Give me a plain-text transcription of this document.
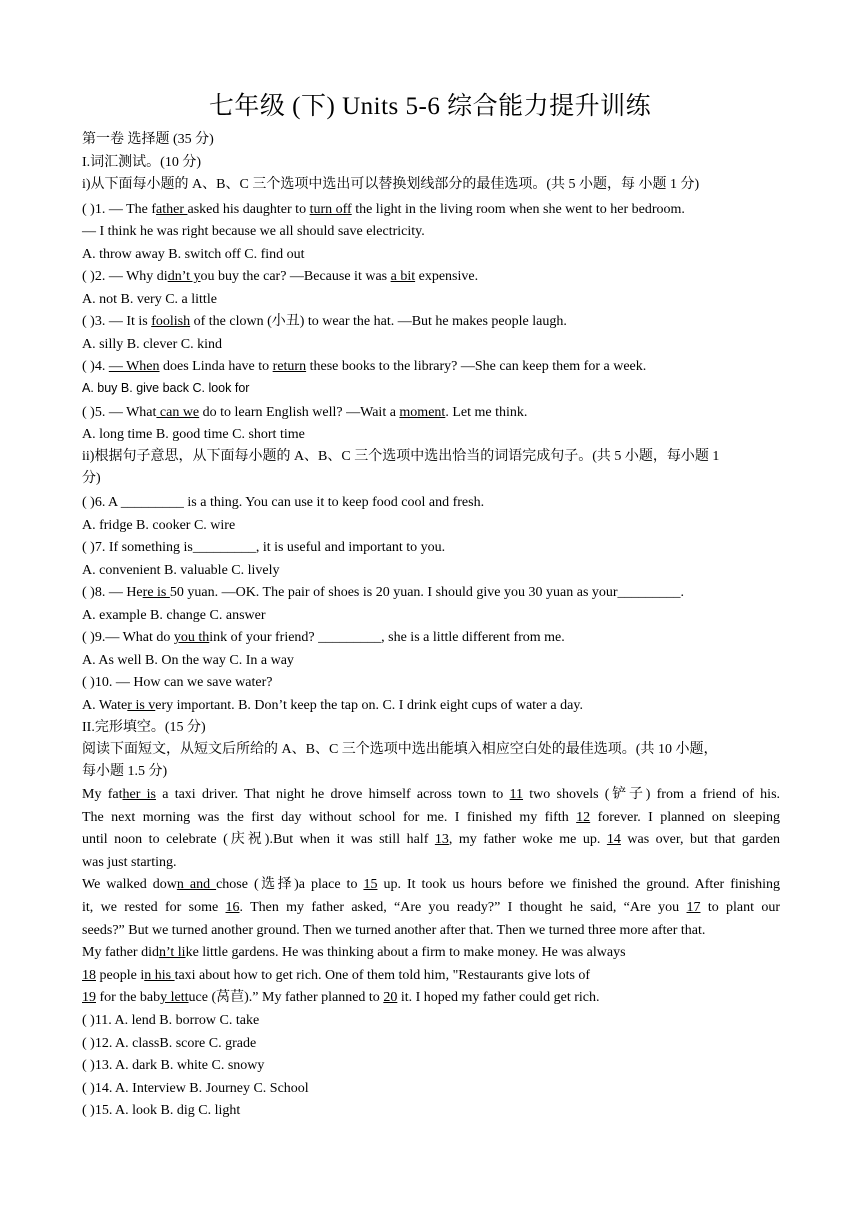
七年级 (下) Units 5-6 综合能力提升训练
第一卷 选择题 (35 分)
I.词汇测试。(10 分)
i)从下面每小题的 A、B、C 三个选项中选出可以替换划线部分的最佳选项。(共 5 小题，每 小题 1 分)
( )1. — The father asked his daughter to turn off the light in the living room when she went to her bedroom.
— I think he was right because we all should save electricity.
A. throw away B. switch off C. find out
( )2. — Why didn’t you buy the car? —Because it was a bit expensive.
A. not B. very C. a little
( )3. — It is foolish of the clown (小丑) to wear the hat. —But he makes people laugh.
A. silly B. clever C. kind
( )4. — When does Linda have to return these books to the library? —She can keep them for a week.
A. buy B. give back C. look for
( )5. — What can we do to learn English well? —Wait a moment. Let me think.
A. long time B. good time C. short time
ii)根据句子意思，从下面每小题的 A、B、C 三个选项中选出恰当的词语完成句子。(共 5 小题，每小题 1
分)
( )6. A _________ is a thing. You can use it to keep food cool and fresh.
A. fridge B. cooker C. wire
( )7. If something is_________, it is useful and important to you.
A. convenient B. valuable C. lively
( )8. — Here is 50 yuan. —OK. The pair of shoes is 20 yuan. I should give you 30 yuan as your_________.
A. example B. change C. answer
( )9.— What do you think of your friend? _________, she is a little different from me.
A. As well B. On the way C. In a way
( )10. — How can we save water?
A. Water is very important. B. Don’t keep the tap on. C. I drink eight cups of water a day.
II.完形填空。(15 分)
阅读下面短文，从短文后所给的 A、B、C 三个选项中选出能填入相应空白处的最佳选项。(共 10 小题，
每小题 1.5 分)
My father is a taxi driver. That night he drove himself across town to 11 two shovels (铲子) from a friend of his.
The next morning was the first day without school for me. I finished my fifth 12 forever. I planned on sleeping
until noon to celebrate (庆祝).But when it was still half 13, my father woke me up. 14 was over, but that garden
was just starting.
We walked down and chose (选择)a place to 15 up. It took us hours before we finished the ground. After finishing
it, we rested for some 16. Then my father asked, “Are you ready?” I thought he said, “Are you 17 to plant our
seeds?” But we turned another ground. Then we turned another after that. Then we turned three more after that.
My father didn’t like little gardens. He was thinking about a firm to make money. He was always
18 people in his taxi about how to get rich. One of them told him, "Restaurants give lots of
19 for the baby lettuce (莴苣).” My father planned to 20 it. I hoped my father could get rich.
( )11. A. lend B. borrow C. take
( )12. A. classB. score C. grade
( )13. A. dark B. white C. snowy
( )14. A. Interview B. Journey C. School
( )15. A. look B. dig C. light
